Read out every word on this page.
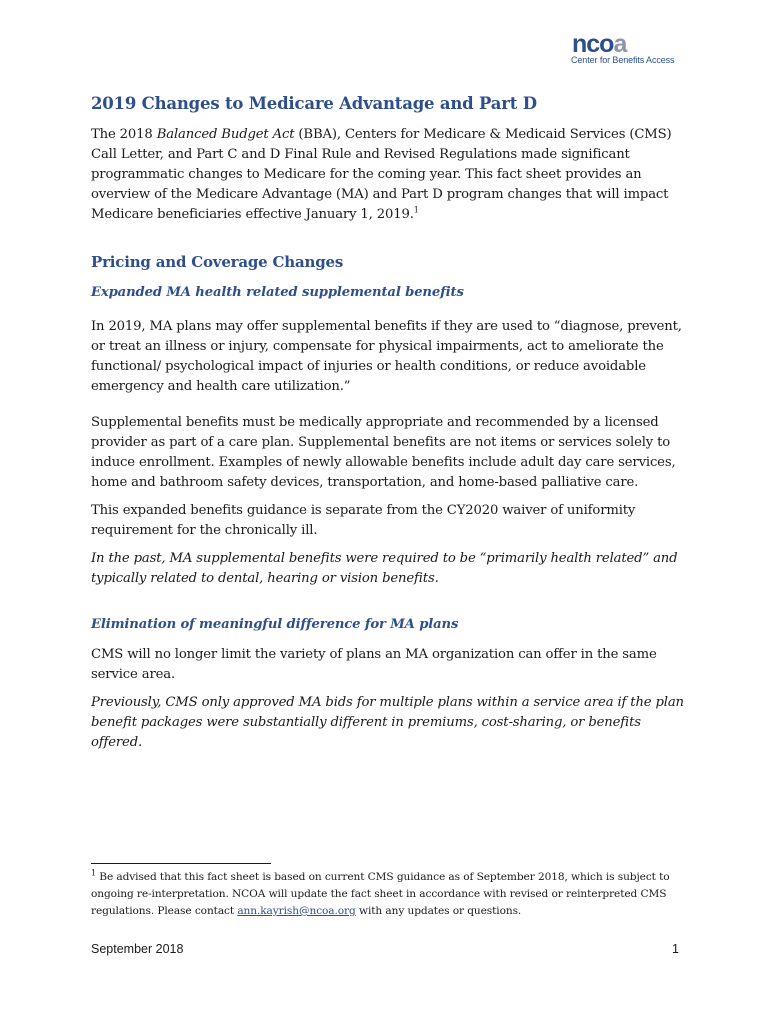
ncoa
Center for Benefits Access
2019 Changes to Medicare Advantage and Part D

The 2018 Balanced Budget Act (BBA), Centers for Medicare & Medicaid Services (CMS) Call Letter, and Part C and D Final Rule and Revised Regulations made significant programmatic changes to Medicare for the coming year. This fact sheet provides an overview of the Medicare Advantage (MA) and Part D program changes that will impact Medicare beneficiaries effective January 1, 2019.$^1$

Pricing and Coverage Changes
Expanded MA health related supplemental benefits

In 2019, MA plans may offer supplemental benefits if they are used to “diagnose, prevent, or treat an illness or injury, compensate for physical impairments, act to ameliorate the functional/ psychological impact of injuries or health conditions, or reduce avoidable emergency and health care utilization.”

Supplemental benefits must be medically appropriate and recommended by a licensed provider as part of a care plan. Supplemental benefits are not items or services solely to induce enrollment. Examples of newly allowable benefits include adult day care services, home and bathroom safety devices, transportation, and home-based palliative care.

This expanded benefits guidance is separate from the CY2020 waiver of uniformity requirement for the chronically ill.

In the past, MA supplemental benefits were required to be “primarily health related” and typically related to dental, hearing or vision benefits.

Elimination of meaningful difference for MA plans

CMS will no longer limit the variety of plans an MA organization can offer in the same service area.

Previously, CMS only approved MA bids for multiple plans within a service area if the plan benefit packages were substantially different in premiums, cost-sharing, or benefits offered.

$^1$ Be advised that this fact sheet is based on current CMS guidance as of September 2018, which is subject to ongoing re-interpretation. NCOA will update the fact sheet in accordance with revised or reinterpreted CMS regulations. Please contact ann.kayrish@ncoa.org with any updates or questions.
September 2018	1
